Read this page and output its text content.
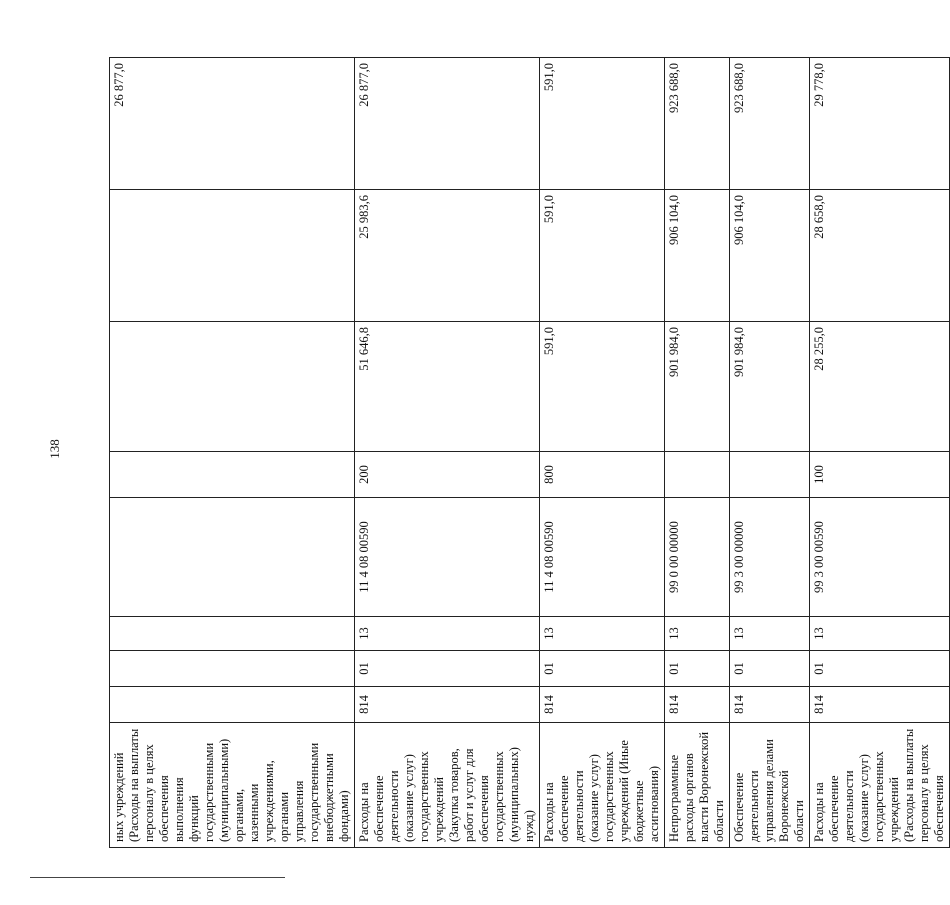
138
ных учреждений (Расходы на выплаты персоналу в целях обеспечения выполнения функций государственными (муниципальными) органами, казенными учреждениями, органами управления государственными внебюджетными фондами)								26 877,0
Расходы на обеспечение деятельности (оказание услуг) государственных учреждений (Закупка товаров, работ и услуг для обеспечения государственных (муниципальных) нужд)	814	01	13	11 4 08 00590	200	51 646,8	25 983,6	26 877,0
Расходы на обеспечение деятельности (оказание услуг) государственных учреждений (Иные бюджетные ассигнования)	814	01	13	11 4 08 00590	800	591,0	591,0	591,0
Непрограммные расходы органов власти Воронежской области	814	01	13	99 0 00 00000		901 984,0	906 104,0	923 688,0
Обеспечение деятельности управления делами Воронежской области	814	01	13	99 3 00 00000		901 984,0	906 104,0	923 688,0
Расходы на обеспечение деятельности (оказание услуг) государственных учреждений (Расходы на выплаты персоналу в целях обеспечения	814	01	13	99 3 00 00590	100	28 255,0	28 658,0	29 778,0
